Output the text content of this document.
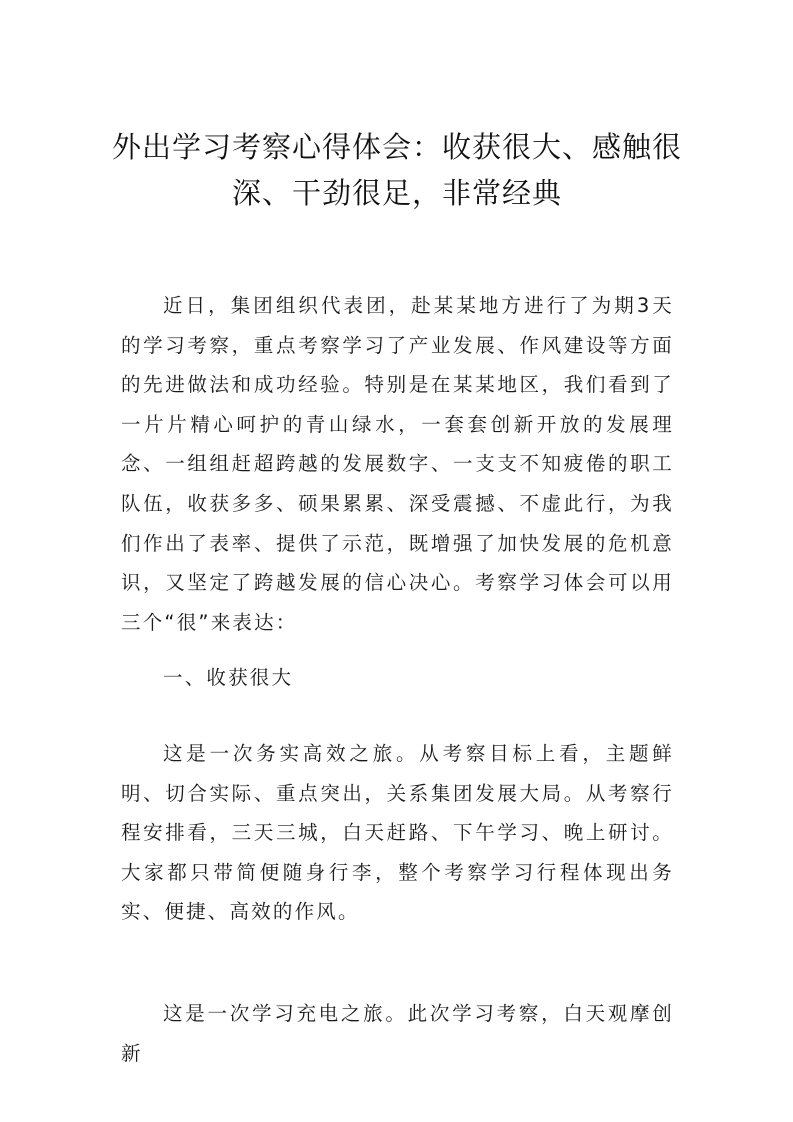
外出学习考察心得体会：收获很大、感触很深、干劲很足，非常经典

近日，集团组织代表团，赴某某地方进行了为期3天的学习考察，重点考察学习了产业发展、作风建设等方面的先进做法和成功经验。特别是在某某地区，我们看到了一片片精心呵护的青山绿水，一套套创新开放的发展理念、一组组赶超跨越的发展数字、一支支不知疲倦的职工队伍，收获多多、硕果累累、深受震撼、不虚此行，为我们作出了表率、提供了示范，既增强了加快发展的危机意识，又坚定了跨越发展的信心决心。考察学习体会可以用三个“很”来表达：

一、收获很大

这是一次务实高效之旅。从考察目标上看，主题鲜明、切合实际、重点突出，关系集团发展大局。从考察行程安排看，三天三城，白天赶路、下午学习、晚上研讨。大家都只带简便随身行李，整个考察学习行程体现出务实、便捷、高效的作风。

这是一次学习充电之旅。此次学习考察，白天观摩创新
